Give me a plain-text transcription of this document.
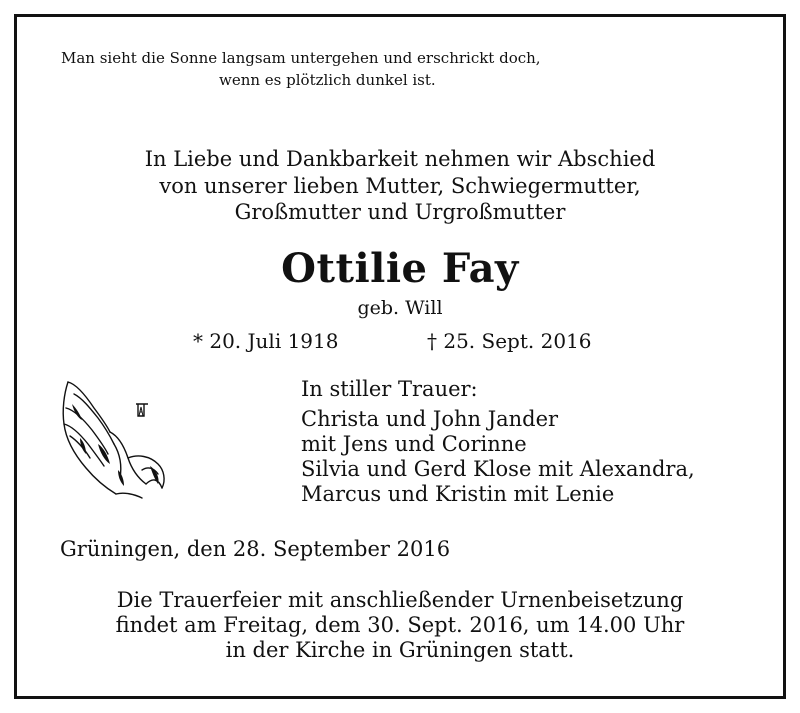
Man sieht die Sonne langsam untergehen und erschrickt doch,
wenn es plötzlich dunkel ist.
In Liebe und Dankbarkeit nehmen wir Abschied
von unserer lieben Mutter, Schwiegermutter,
Großmutter und Urgroßmutter
Ottilie Fay
geb. Will
* 20. Juli 1918	† 25. Sept. 2016
In stiller Trauer:
Christa und John Jander
mit Jens und Corinne
Silvia und Gerd Klose mit Alexandra,
Marcus und Kristin mit Lenie
Grüningen, den 28. September 2016
Die Trauerfeier mit anschließender Urnenbeisetzung
findet am Freitag, dem 30. Sept. 2016, um 14.00 Uhr
in der Kirche in Grüningen statt.
